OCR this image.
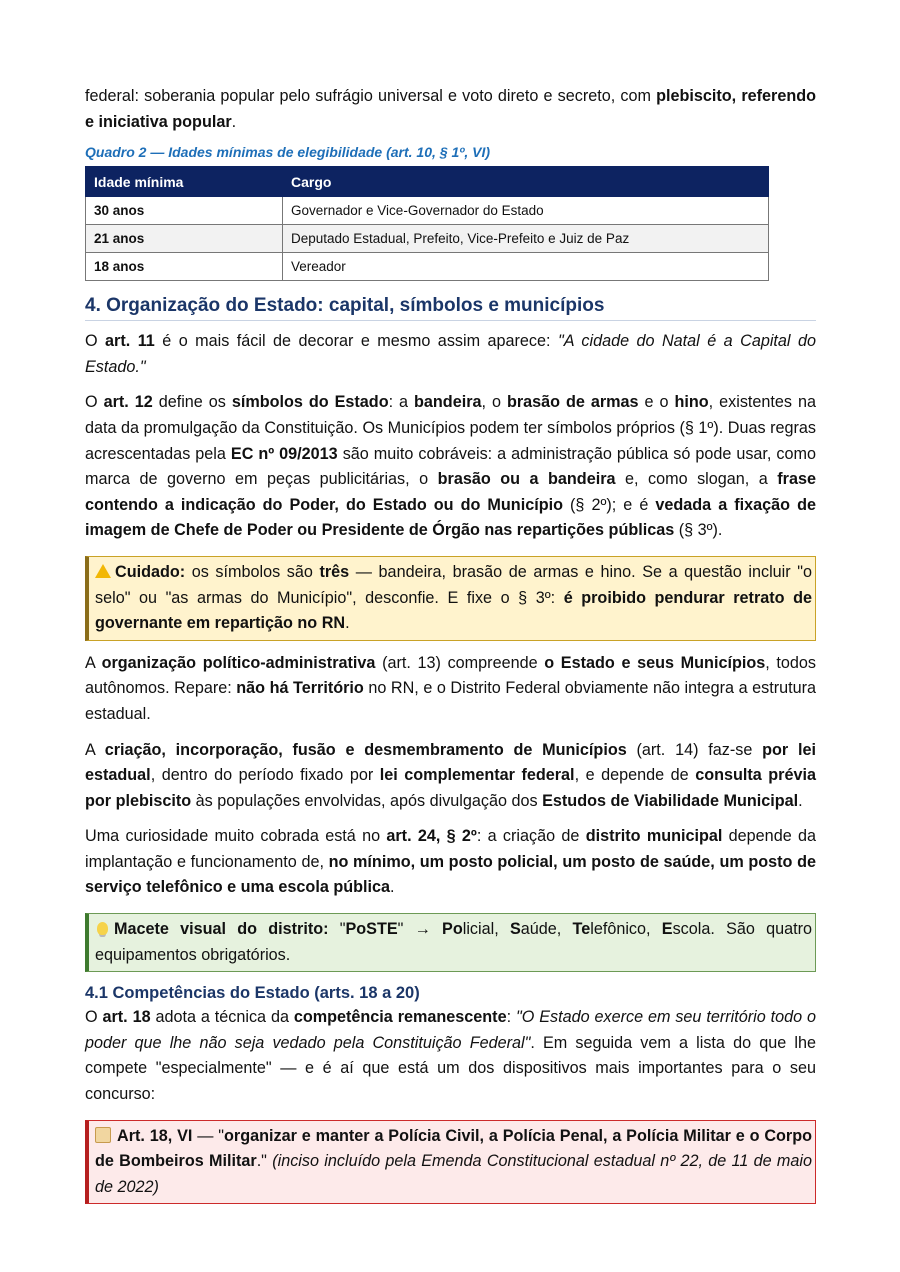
federal: soberania popular pelo sufrágio universal e voto direto e secreto, com plebiscito, referendo e iniciativa popular.

Quadro 2 — Idades mínimas de elegibilidade (art. 10, § 1º, VI)
Idade mínima	Cargo
30 anos	Governador e Vice-Governador do Estado
21 anos	Deputado Estadual, Prefeito, Vice-Prefeito e Juiz de Paz
18 anos	Vereador
4. Organização do Estado: capital, símbolos e municípios

O art. 11 é o mais fácil de decorar e mesmo assim aparece: "A cidade do Natal é a Capital do Estado."

O art. 12 define os símbolos do Estado: a bandeira, o brasão de armas e o hino, existentes na data da promulgação da Constituição. Os Municípios podem ter símbolos próprios (§ 1º). Duas regras acrescentadas pela EC nº 09/2013 são muito cobráveis: a administração pública só pode usar, como marca de governo em peças publicitárias, o brasão ou a bandeira e, como slogan, a frase contendo a indicação do Poder, do Estado ou do Município (§ 2º); e é vedada a fixação de imagem de Chefe de Poder ou Presidente de Órgão nas repartições públicas (§ 3º).

Cuidado: os símbolos são três — bandeira, brasão de armas e hino. Se a questão incluir "o selo" ou "as armas do Município", desconfie. E fixe o § 3º: é proibido pendurar retrato de governante em repartição no RN.

A organização político-administrativa (art. 13) compreende o Estado e seus Municípios, todos autônomos. Repare: não há Território no RN, e o Distrito Federal obviamente não integra a estrutura estadual.

A criação, incorporação, fusão e desmembramento de Municípios (art. 14) faz-se por lei estadual, dentro do período fixado por lei complementar federal, e depende de consulta prévia por plebiscito às populações envolvidas, após divulgação dos Estudos de Viabilidade Municipal.

Uma curiosidade muito cobrada está no art. 24, § 2º: a criação de distrito municipal depende da implantação e funcionamento de, no mínimo, um posto policial, um posto de saúde, um posto de serviço telefônico e uma escola pública.

Macete visual do distrito: "PoSTE" → Policial, Saúde, Telefônico, Escola. São quatro equipamentos obrigatórios.
4.1 Competências do Estado (arts. 18 a 20)

O art. 18 adota a técnica da competência remanescente: "O Estado exerce em seu território todo o poder que lhe não seja vedado pela Constituição Federal". Em seguida vem a lista do que lhe compete "especialmente" — e é aí que está um dos dispositivos mais importantes para o seu concurso:

Art. 18, VI — "organizar e manter a Polícia Civil, a Polícia Penal, a Polícia Militar e o Corpo de Bombeiros Militar." (inciso incluído pela Emenda Constitucional estadual nº 22, de 11 de maio de 2022)
